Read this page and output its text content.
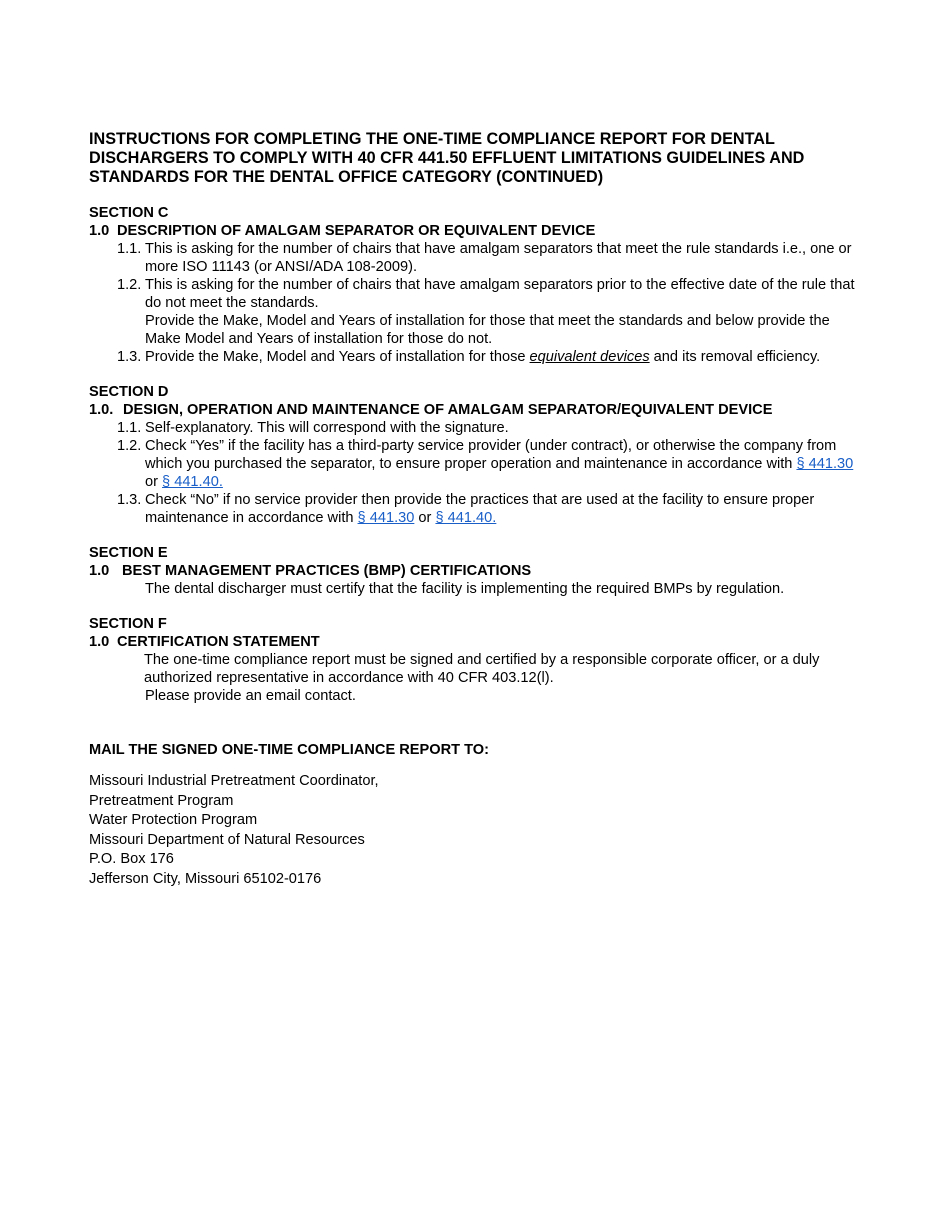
INSTRUCTIONS FOR COMPLETING THE ONE-TIME COMPLIANCE REPORT FOR DENTAL DISCHARGERS TO COMPLY WITH 40 CFR 441.50 EFFLUENT LIMITATIONS GUIDELINES AND STANDARDS FOR THE DENTAL OFFICE CATEGORY (CONTINUED)
SECTION C
1.0 DESCRIPTION OF AMALGAM SEPARATOR OR EQUIVALENT DEVICE
1.1. This is asking for the number of chairs that have amalgam separators that meet the rule standards i.e., one or more ISO 11143 (or ANSI/ADA 108-2009).
1.2. This is asking for the number of chairs that have amalgam separators prior to the effective date of the rule that do not meet the standards.
Provide the Make, Model and Years of installation for those that meet the standards and below provide the Make Model and Years of installation for those do not.
1.3. Provide the Make, Model and Years of installation for those equivalent devices and its removal efficiency.
SECTION D
1.0. DESIGN, OPERATION AND MAINTENANCE OF AMALGAM SEPARATOR/EQUIVALENT DEVICE
1.1. Self-explanatory. This will correspond with the signature.
1.2. Check “Yes” if the facility has a third-party service provider (under contract), or otherwise the company from which you purchased the separator, to ensure proper operation and maintenance in accordance with § 441.30 or § 441.40.
1.3. Check “No” if no service provider then provide the practices that are used at the facility to ensure proper maintenance in accordance with § 441.30 or § 441.40.
SECTION E
1.0 BEST MANAGEMENT PRACTICES (BMP) CERTIFICATIONS
The dental discharger must certify that the facility is implementing the required BMPs by regulation.
SECTION F
1.0 CERTIFICATION STATEMENT
The one-time compliance report must be signed and certified by a responsible corporate officer, or a duly authorized representative in accordance with 40 CFR 403.12(l).
Please provide an email contact.
MAIL THE SIGNED ONE-TIME COMPLIANCE REPORT TO:
Missouri Industrial Pretreatment Coordinator,
Pretreatment Program
Water Protection Program
Missouri Department of Natural Resources
P.O. Box 176
Jefferson City, Missouri 65102-0176
